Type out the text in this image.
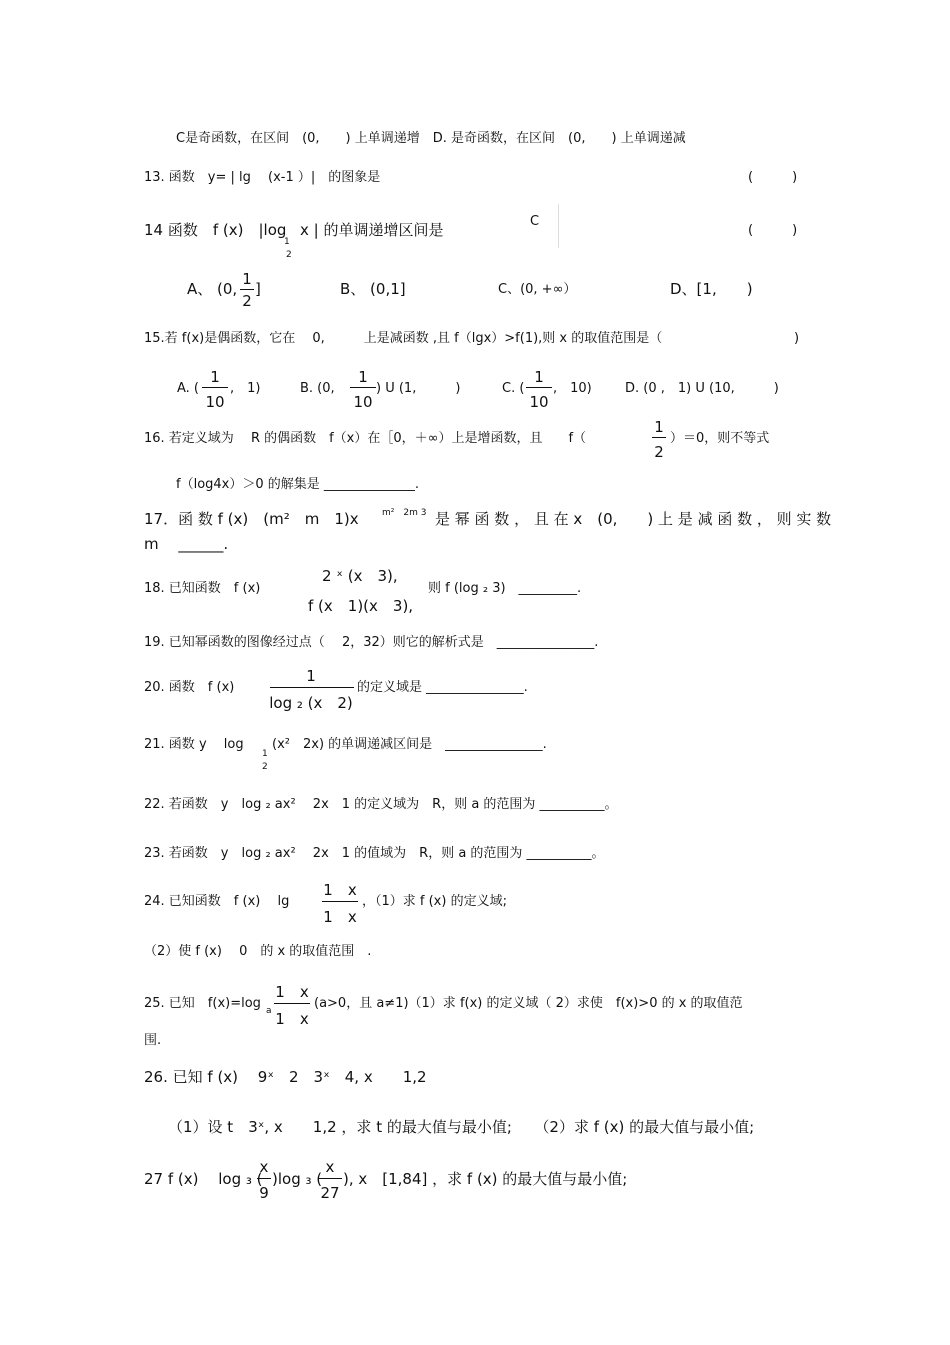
C是奇函数，在区间　(0,　　) 上单调递增　D. 是奇函数，在区间　(0,　　) 上单调递减
13. 函数　y= | lg　 (x-1 ）|　的图象是	(　　　)
14 函数　f (x)　|log
1
2
x | 的单调递增区间是	C
(　　　)
A、 (0,
1
2
]	B、 (0,1]	C、(0, +∞）	D、[1,　　)
15.若 f(x)是偶函数，它在　 0,　　　上是减函数 ,且 f（lgx）>f(1),则 x 的取值范围是（	)
A. (
1
10
,　1)	B. (0,
1
10
) U (1,　　　)	C. (
1
10
,　10)	D. (0 ,　1) U (10,　　　)
16. 若定义域为　 R 的偶函数　f（x）在［0，＋∞）上是增函数，且　　f（
1
2
）＝0，则不等式
f（log4x）＞0 的解集是 ______________.
17．函 数 f (x)　(m²　m　1)x	m²　2m 3 是 幂 函 数 ， 且 在 x　(0,　　) 上 是 减 函 数 ， 则 实 数
m　 ______.
18. 已知函数　f (x)
2 ˣ (x　3),
f (x　1)(x　3),
则 f (log ₂ 3)　_________.
19. 已知幂函数的图像经过点（　 2，32）则它的解析式是　_______________.
20. 函数　f (x)
1
log ₂ (x　2)
的定义域是 _______________.
21. 函数 y　 log
1
2
(x²　2x) 的单调递减区间是　_______________.
22. 若函数　y　log ₂ ax²　 2x　1 的定义域为　R，则 a 的范围为 __________。
23. 若函数　y　log ₂ ax²　 2x　1 的值域为　R，则 a 的范围为 __________。
24. 已知函数　f (x)　 lg
1　x
1　x
，（1）求 f (x) 的定义域;
（2）使 f (x)　 0　的 x 的取值范围　.
25. 已知　f(x)=log a
1　x
1　x
(a>0，且 a≠1)（1）求 f(x) 的定义域（ 2）求使　f(x)>0 的 x 的取值范
围.
26. 已知 f (x)　 9ˣ　2　3ˣ　4, x　　1,2
（1）设 t　3ˣ, x　　1,2 ，求 t 的最大值与最小值;　　（2）求 f (x) 的最大值与最小值;
27 f (x)　 log ₃ (
x
9
)log ₃ (
x
27
), x　[1,84] ，求 f (x) 的最大值与最小值;
